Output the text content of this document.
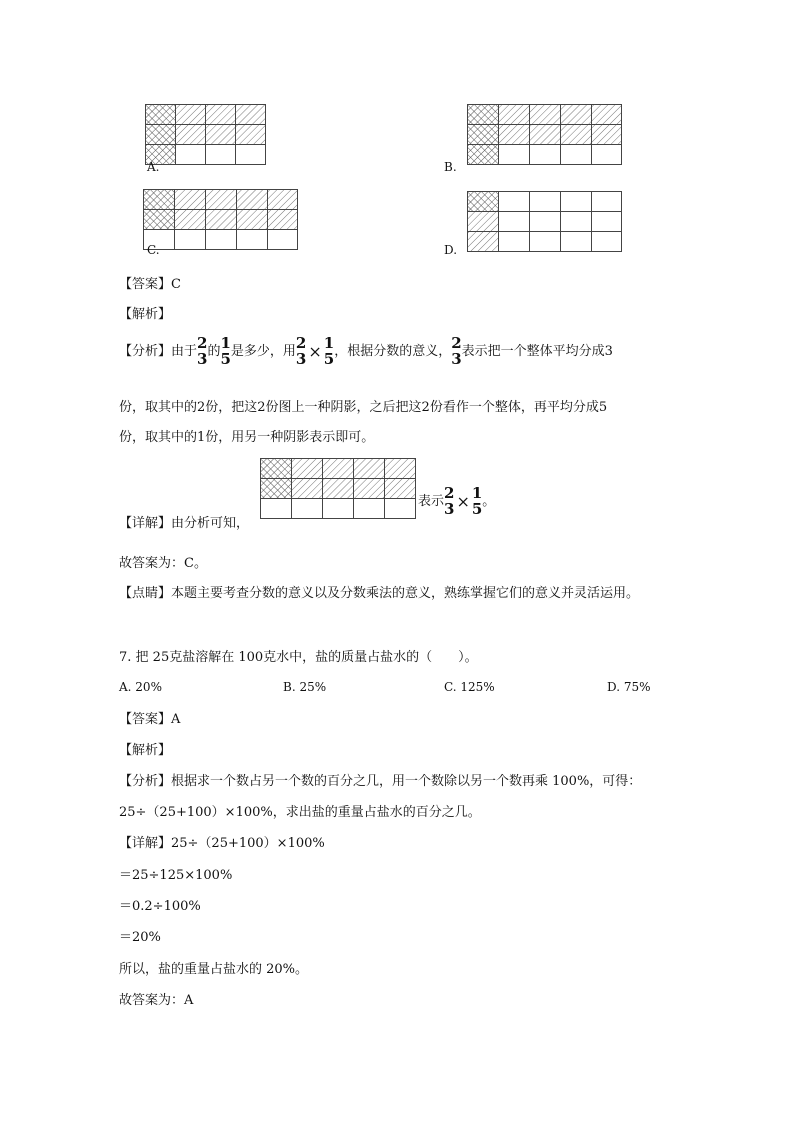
A.	B.
C.	D.
【答案】C
【解析】
【分析】由于 2
3 的 1
5 是多少，用 2
3 × 1
5 ，根据分数的意义， 2
3 表示把一个整体平均分成3
份，取其中的2份，把这2份图上一种阴影，之后把这2份看作一个整体，再平均分成5
份，取其中的1份，用另一种阴影表示即可。
【详解】由分析可知，
表示 2
3 × 1
5 。
故答案为：C。
【点睛】本题主要考查分数的意义以及分数乘法的意义，熟练掌握它们的意义并灵活运用。
7. 把 25克盐溶解在 100克水中，盐的质量占盐水的（　　）。
A. 20%	B. 25%	C. 125%	D. 75%
【答案】A
【解析】
【分析】根据求一个数占另一个数的百分之几，用一个数除以另一个数再乘 100%，可得：
25÷（25+100）×100%，求出盐的重量占盐水的百分之几。
【详解】25÷（25+100）×100%
＝25÷125×100%
＝0.2÷100%
＝20%
所以，盐的重量占盐水的 20%。
故答案为：A
